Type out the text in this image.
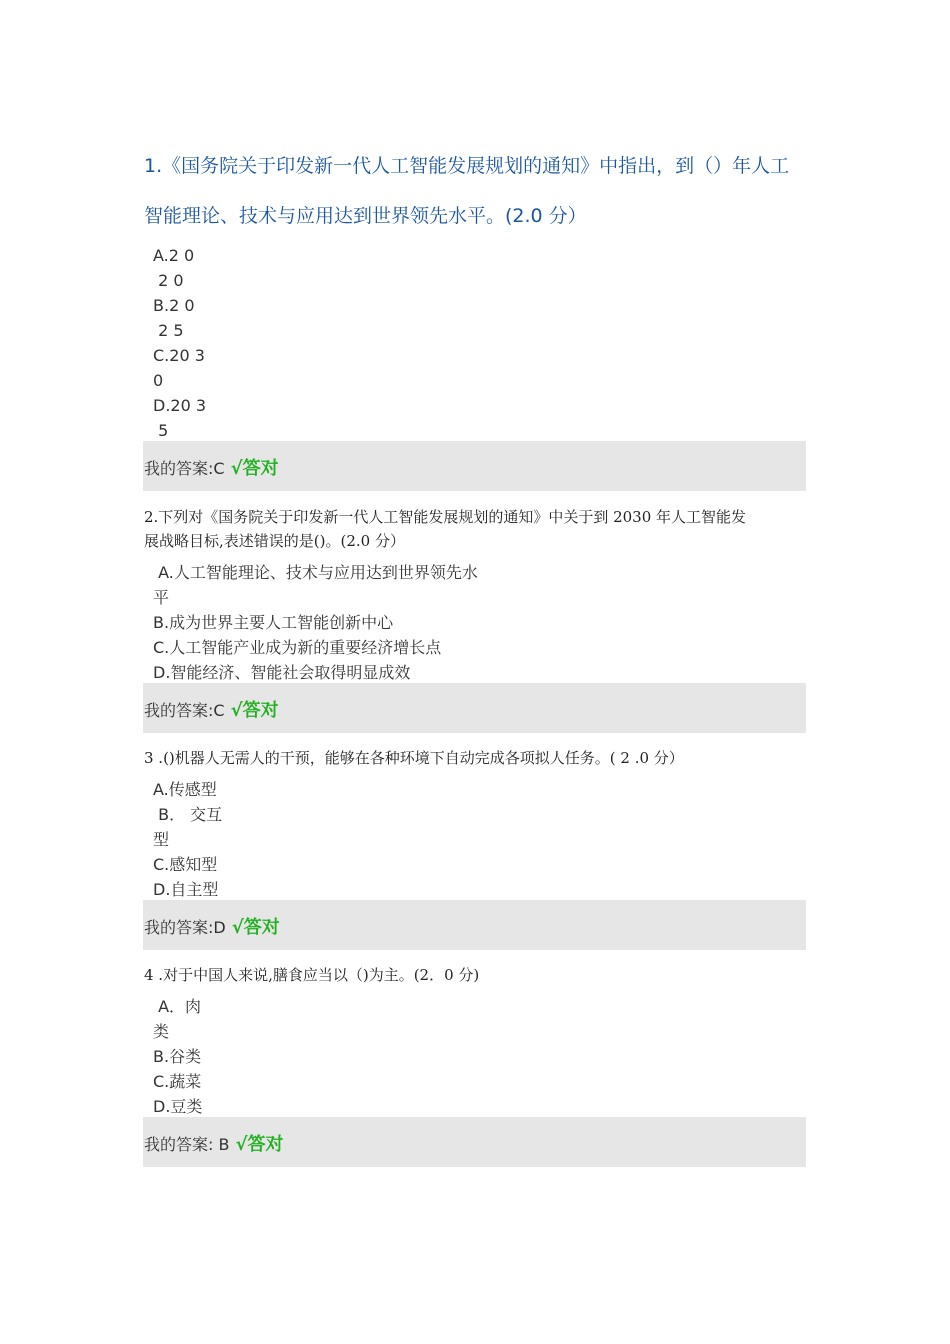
1.《国务院关于印发新一代人工智能发展规划的通知》中指出，到（）年人工

智能理论、技术与应用达到世界领先水平。(2.0 分）

A.2 0
2 0
B.2 0
2 5
C.20 3
0
D.20 3
5
我的答案:C √答对

2.下列对《国务院关于印发新一代人工智能发展规划的通知》中关于到 2030 年人工智能发

展战略目标,表述错误的是()。(2.0 分）

A.人工智能理论、技术与应用达到世界领先水
平
B.成为世界主要人工智能创新中心
C.人工智能产业成为新的重要经济增长点
D.智能经济、智能社会取得明显成效
我的答案:C √答对

3 .()机器人无需人的干预，能够在各种环境下自动完成各项拟人任务。( 2 .0 分）

A.传感型
B． 交互
型
C.感知型
D.自主型
我的答案:D √答对

4 .对于中国人来说,膳食应当以（)为主。(2．0 分)

A．肉
类
B.谷类
C.蔬菜
D.豆类
我的答案: B √答对
